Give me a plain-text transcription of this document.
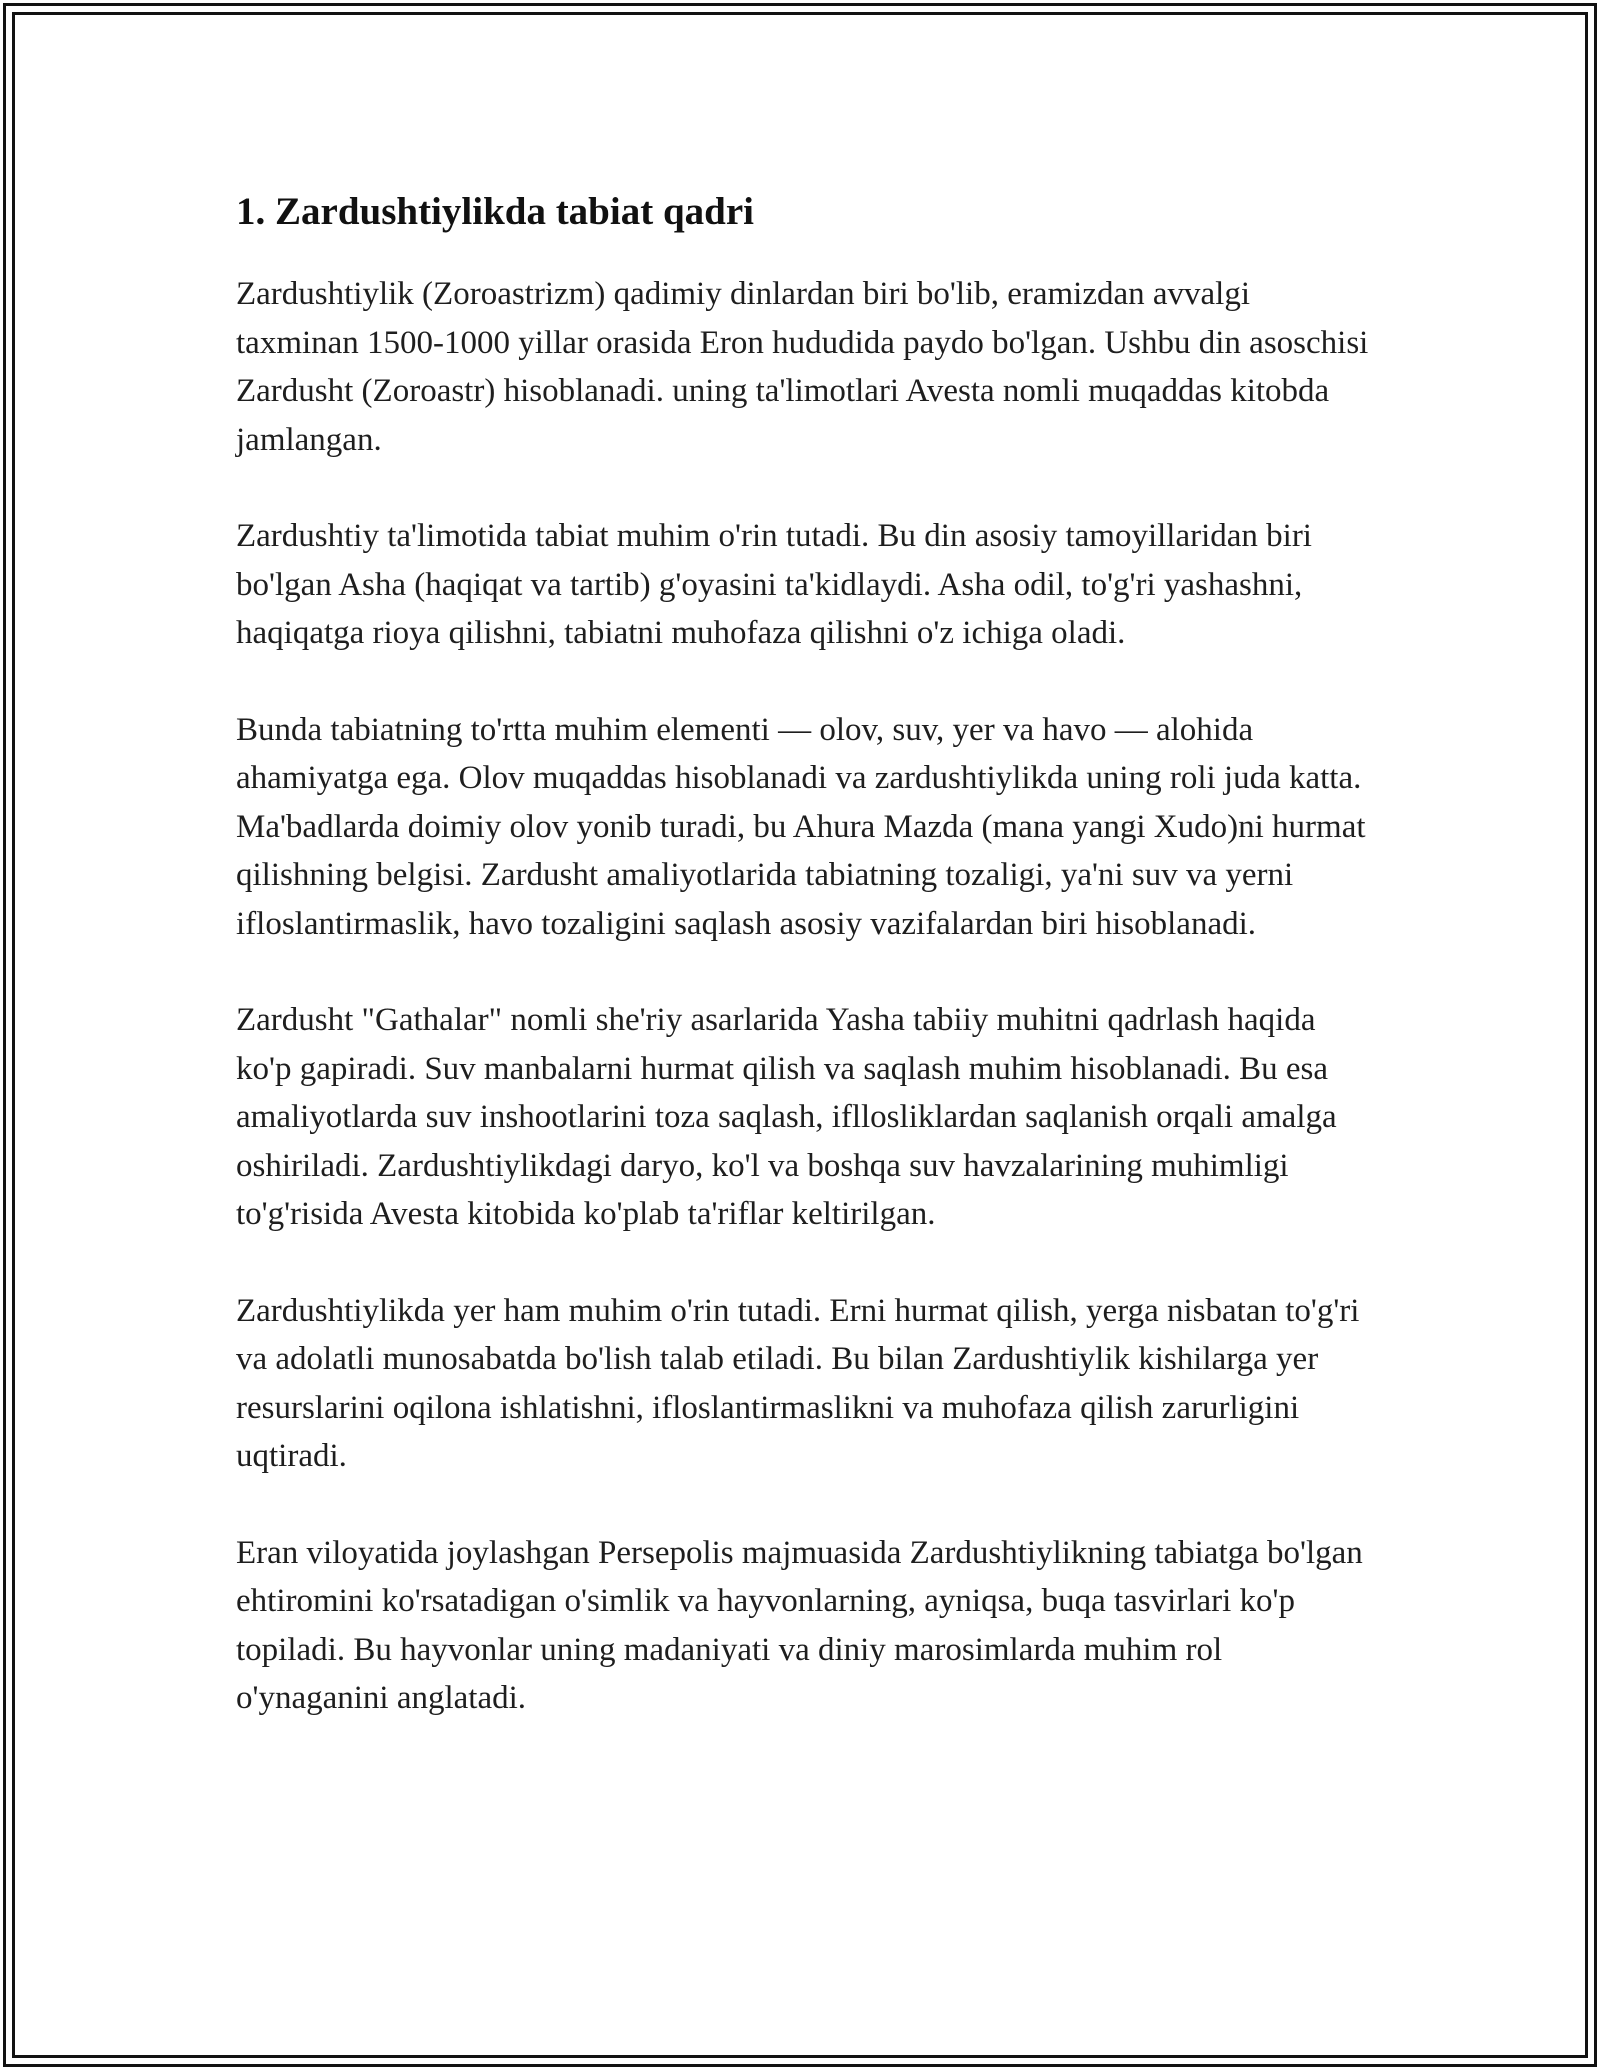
1. Zardushtiylikda tabiat qadri

Zardushtiylik (Zoroastrizm) qadimiy dinlardan biri bo'lib, eramizdan avvalgi taxminan 1500-1000 yillar orasida Eron hududida paydo bo'lgan. Ushbu din asoschisi Zardusht (Zoroastr) hisoblanadi. uning ta'limotlari Avesta nomli muqaddas kitobda jamlangan.

Zardushtiy ta'limotida tabiat muhim o'rin tutadi. Bu din asosiy tamoyillaridan biri bo'lgan Asha (haqiqat va tartib) g'oyasini ta'kidlaydi. Asha odil, to'g'ri yashashni, haqiqatga rioya qilishni, tabiatni muhofaza qilishni o'z ichiga oladi.

Bunda tabiatning to'rtta muhim elementi — olov, suv, yer va havo — alohida ahamiyatga ega. Olov muqaddas hisoblanadi va zardushtiylikda uning roli juda katta. Ma'badlarda doimiy olov yonib turadi, bu Ahura Mazda (mana yangi Xudo)ni hurmat qilishning belgisi. Zardusht amaliyotlarida tabiatning tozaligi, ya'ni suv va yerni ifloslantirmaslik, havo tozaligini saqlash asosiy vazifalardan biri hisoblanadi.

Zardusht "Gathalar" nomli she'riy asarlarida Yasha tabiiy muhitni qadrlash haqida ko'p gapiradi. Suv manbalarni hurmat qilish va saqlash muhim hisoblanadi. Bu esa amaliyotlarda suv inshootlarini toza saqlash, ifllosliklardan saqlanish orqali amalga oshiriladi. Zardushtiylikdagi daryo, ko'l va boshqa suv havzalarining muhimligi to'g'risida Avesta kitobida ko'plab ta'riflar keltirilgan.

Zardushtiylikda yer ham muhim o'rin tutadi. Erni hurmat qilish, yerga nisbatan to'g'ri va adolatli munosabatda bo'lish talab etiladi. Bu bilan Zardushtiylik kishilarga yer resurslarini oqilona ishlatishni, ifloslantirmaslikni va muhofaza qilish zarurligini uqtiradi.

Eran viloyatida joylashgan Persepolis majmuasida Zardushtiylikning tabiatga bo'lgan ehtiromini ko'rsatadigan o'simlik va hayvonlarning, ayniqsa, buqa tasvirlari ko'p topiladi. Bu hayvonlar uning madaniyati va diniy marosimlarda muhim rol o'ynaganini anglatadi.
